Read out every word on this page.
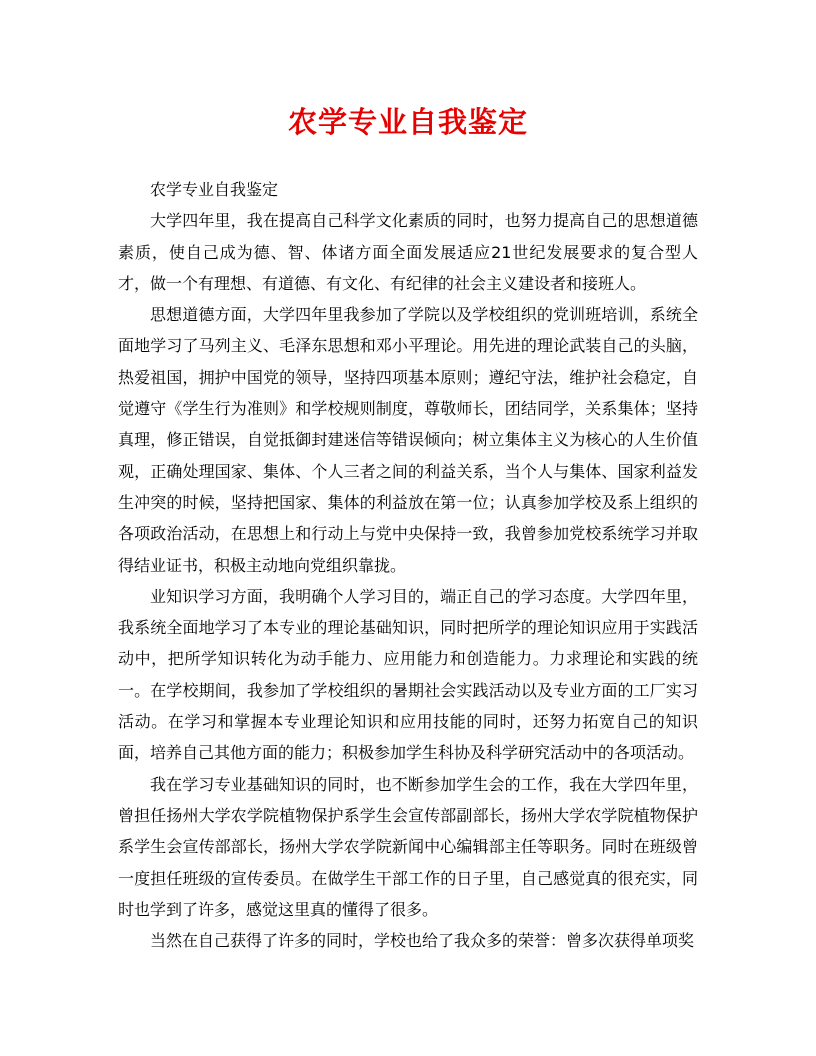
农学专业自我鉴定

农学专业自我鉴定

大学四年里，我在提高自己科学文化素质的同时，也努力提高自己的思想道德素质，使自己成为德、智、体诸方面全面发展适应21世纪发展要求的复合型人才，做一个有理想、有道德、有文化、有纪律的社会主义建设者和接班人。

思想道德方面，大学四年里我参加了学院以及学校组织的党训班培训，系统全面地学习了马列主义、毛泽东思想和邓小平理论。用先进的理论武装自己的头脑，热爱祖国，拥护中国党的领导，坚持四项基本原则；遵纪守法，维护社会稳定，自觉遵守《学生行为准则》和学校规则制度，尊敬师长，团结同学，关系集体；坚持真理，修正错误，自觉抵御封建迷信等错误倾向；树立集体主义为核心的人生价值观，正确处理国家、集体、个人三者之间的利益关系，当个人与集体、国家利益发生冲突的时候，坚持把国家、集体的利益放在第一位；认真参加学校及系上组织的各项政治活动，在思想上和行动上与党中央保持一致，我曾参加党校系统学习并取得结业证书，积极主动地向党组织靠拢。

业知识学习方面，我明确个人学习目的，端正自己的学习态度。大学四年里，我系统全面地学习了本专业的理论基础知识，同时把所学的理论知识应用于实践活动中，把所学知识转化为动手能力、应用能力和创造能力。力求理论和实践的统一。在学校期间，我参加了学校组织的暑期社会实践活动以及专业方面的工厂实习活动。在学习和掌握本专业理论知识和应用技能的同时，还努力拓宽自己的知识面，培养自己其他方面的能力；积极参加学生科协及科学研究活动中的各项活动。

我在学习专业基础知识的同时，也不断参加学生会的工作，我在大学四年里，曾担任扬州大学农学院植物保护系学生会宣传部副部长，扬州大学农学院植物保护系学生会宣传部部长，扬州大学农学院新闻中心编辑部主任等职务。同时在班级曾一度担任班级的宣传委员。在做学生干部工作的日子里，自己感觉真的很充实，同时也学到了许多，感觉这里真的懂得了很多。

当然在自己获得了许多的同时，学校也给了我众多的荣誉：曾多次获得单项奖
